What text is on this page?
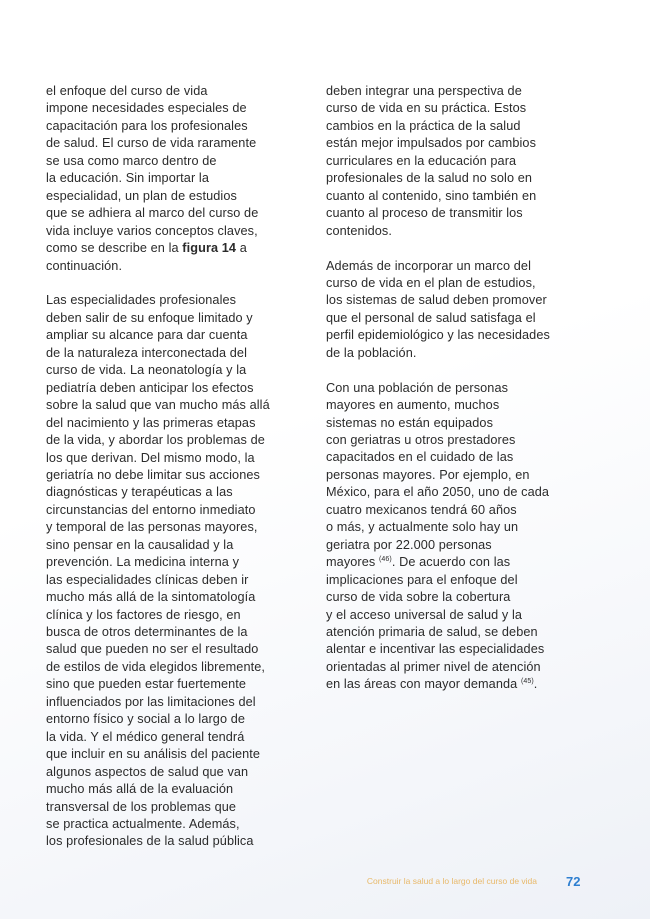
el enfoque del curso de vida
impone necesidades especiales de
capacitación para los profesionales
de salud. El curso de vida raramente
se usa como marco dentro de
la educación. Sin importar la
especialidad, un plan de estudios
que se adhiera al marco del curso de
vida incluye varios conceptos claves,
como se describe en la figura 14 a
continuación.
Las especialidades profesionales
deben salir de su enfoque limitado y
ampliar su alcance para dar cuenta
de la naturaleza interconectada del
curso de vida. La neonatología y la
pediatría deben anticipar los efectos
sobre la salud que van mucho más allá
del nacimiento y las primeras etapas
de la vida, y abordar los problemas de
los que derivan. Del mismo modo, la
geriatría no debe limitar sus acciones
diagnósticas y terapéuticas a las
circunstancias del entorno inmediato
y temporal de las personas mayores,
sino pensar en la causalidad y la
prevención. La medicina interna y
las especialidades clínicas deben ir
mucho más allá de la sintomatología
clínica y los factores de riesgo, en
busca de otros determinantes de la
salud que pueden no ser el resultado
de estilos de vida elegidos libremente,
sino que pueden estar fuertemente
influenciados por las limitaciones del
entorno físico y social a lo largo de
la vida. Y el médico general tendrá
que incluir en su análisis del paciente
algunos aspectos de salud que van
mucho más allá de la evaluación
transversal de los problemas que
se practica actualmente. Además,
los profesionales de la salud pública
deben integrar una perspectiva de
curso de vida en su práctica. Estos
cambios en la práctica de la salud
están mejor impulsados por cambios
curriculares en la educación para
profesionales de la salud no solo en
cuanto al contenido, sino también en
cuanto al proceso de transmitir los
contenidos.
Además de incorporar un marco del
curso de vida en el plan de estudios,
los sistemas de salud deben promover
que el personal de salud satisfaga el
perfil epidemiológico y las necesidades
de la población.
Con una población de personas
mayores en aumento, muchos
sistemas no están equipados
con geriatras u otros prestadores
capacitados en el cuidado de las
personas mayores. Por ejemplo, en
México, para el año 2050, uno de cada
cuatro mexicanos tendrá 60 años
o más, y actualmente solo hay un
geriatra por 22.000 personas
mayores $^{(46)}$. De acuerdo con las
implicaciones para el enfoque del
curso de vida sobre la cobertura
y el acceso universal de salud y la
atención primaria de salud, se deben
alentar e incentivar las especialidades
orientadas al primer nivel de atención
en las áreas con mayor demanda $^{(45)}$.
Construir la salud a lo largo del curso de vida 72
